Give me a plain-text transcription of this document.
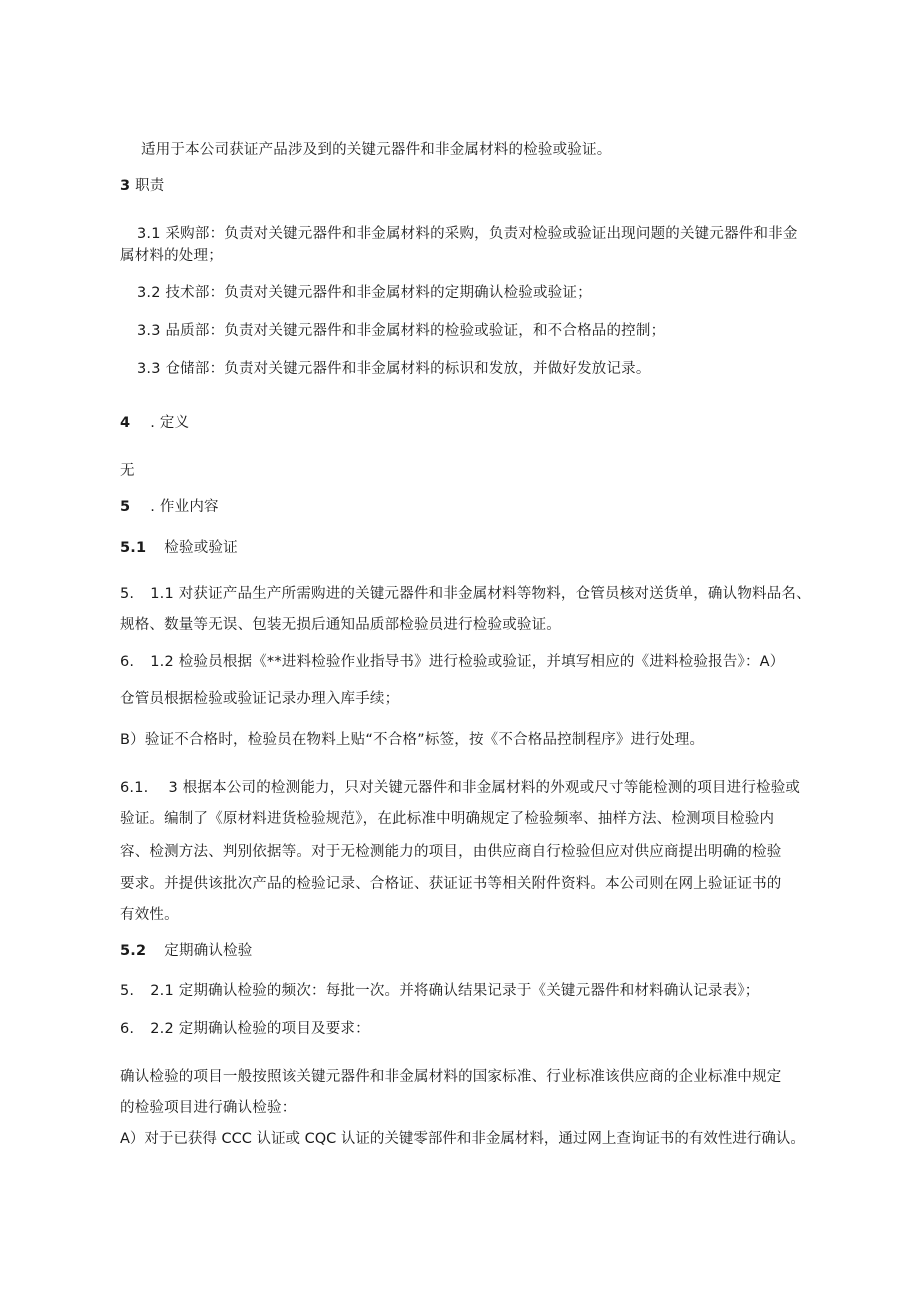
适用于本公司获证产品涉及到的关键元器件和非金属材料的检验或验证。
3 职责
3.1 采购部：负责对关键元器件和非金属材料的采购，负责对检验或验证出现问题的关键元器件和非金
属材料的处理；
3.2 技术部：负责对关键元器件和非金属材料的定期确认检验或验证；
3.3 品质部：负责对关键元器件和非金属材料的检验或验证，和不合格品的控制；
3.3 仓储部：负责对关键元器件和非金属材料的标识和发放，并做好发放记录。
4 . 定义
无
5 . 作业内容
5.1 检验或验证
5. 1.1 对获证产品生产所需购进的关键元器件和非金属材料等物料，仓管员核对送货单，确认物料品名、
规格、数量等无误、包装无损后通知品质部检验员进行检验或验证。
6. 1.2 检验员根据《**进料检验作业指导书》进行检验或验证，并填写相应的《进料检验报告》：A）
仓管员根据检验或验证记录办理入库手续；
B）验证不合格时，检验员在物料上贴“不合格”标签，按《不合格品控制程序》进行处理。
6.1. 3 根据本公司的检测能力，只对关键元器件和非金属材料的外观或尺寸等能检测的项目进行检验或
验证。编制了《原材料进货检验规范》，在此标准中明确规定了检验频率、抽样方法、检测项目检验内
容、检测方法、判别依据等。对于无检测能力的项目，由供应商自行检验但应对供应商提出明确的检验
要求。并提供该批次产品的检验记录、合格证、获证证书等相关附件资料。本公司则在网上验证证书的
有效性。
5.2 定期确认检验
5. 2.1 定期确认检验的频次：每批一次。并将确认结果记录于《关键元器件和材料确认记录表》；
6. 2.2 定期确认检验的项目及要求：
确认检验的项目一般按照该关键元器件和非金属材料的国家标准、行业标准该供应商的企业标准中规定
的检验项目进行确认检验：
A）对于已获得 CCC 认证或 CQC 认证的关键零部件和非金属材料，通过网上查询证书的有效性进行确认。
